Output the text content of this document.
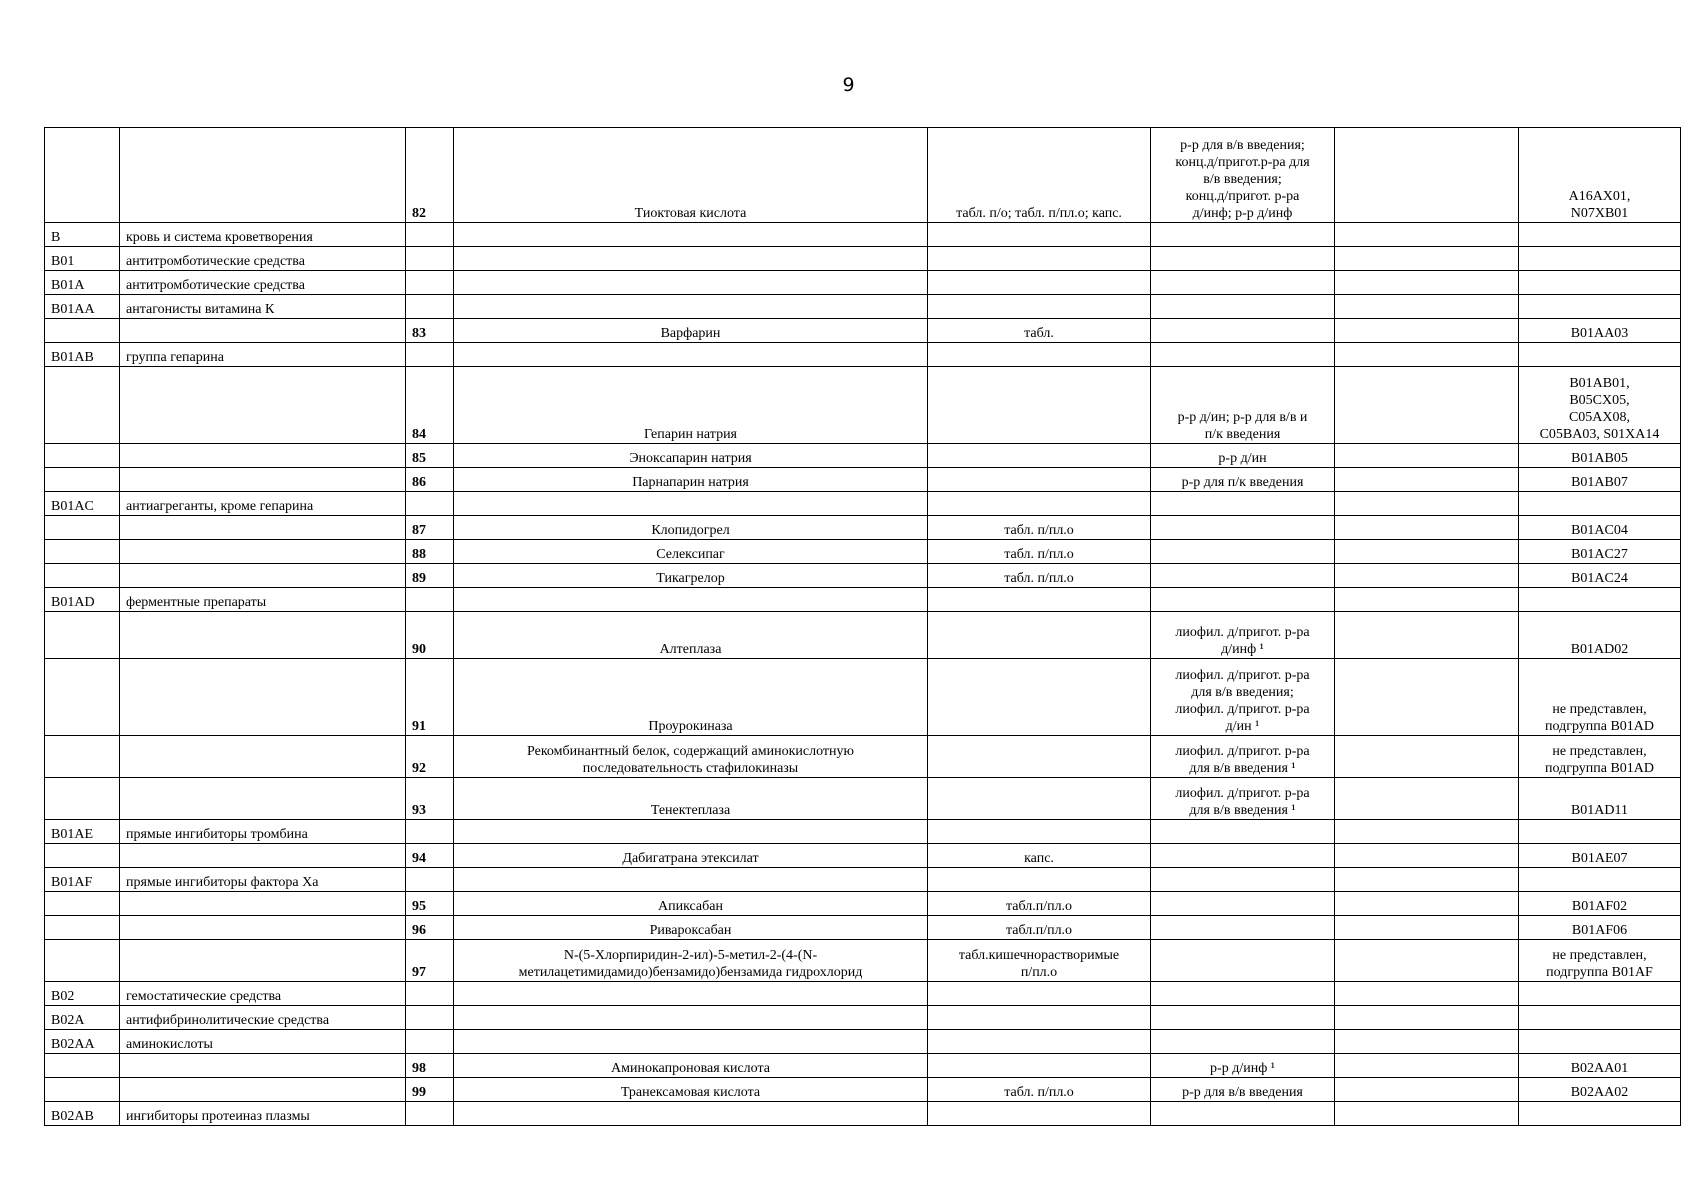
9
		82	Тиоктовая кислота	табл. п/о; табл. п/пл.о; капс.	р-р для в/в введения;
конц.д/пригот.р-ра для
в/в введения;
конц.д/пригот. р-ра
д/инф; р-р д/инф		A16AX01,
N07XB01

B	кровь и система кроветворения						
B01	антитромботические средства						
B01A	антитромботические средства						
B01AA	антагонисты витамина К						
		83	Варфарин	табл.			B01AA03

B01AB	группа гепарина						
		84	Гепарин натрия		р-р д/ин; р-р для в/в и
п/к введения		B01AB01,
B05CX05,
C05AX08,
C05BA03, S01XA14

		85	Эноксапарин натрия		р-р д/ин		B01AB05

		86	Парнапарин натрия		р-р для п/к введения		B01AB07

B01AC	антиагреганты, кроме гепарина						
		87	Клопидогрел	табл. п/пл.о			B01AC04

		88	Селексипаг	табл. п/пл.о			B01AC27

		89	Тикагрелор	табл. п/пл.о			B01AC24

B01AD	ферментные препараты						
		90	Алтеплаза		лиофил. д/пригот. р-ра
д/инф ¹		B01AD02

		91	Проурокиназа		лиофил. д/пригот. р-ра
для в/в введения;
лиофил. д/пригот. р-ра
д/ин ¹		не представлен,
подгруппа B01AD

		92	Рекомбинантный белок, содержащий аминокислотную
последовательность стафилокиназы		лиофил. д/пригот. р-ра
для в/в введения ¹		не представлен,
подгруппа B01AD

		93	Тенектеплаза		лиофил. д/пригот. р-ра
для в/в введения ¹		B01AD11

B01AE	прямые ингибиторы тромбина						
		94	Дабигатрана этексилат	капс.			B01AE07

B01AF	прямые ингибиторы фактора Xa						
		95	Апиксабан	табл.п/пл.о			B01AF02

		96	Ривароксабан	табл.п/пл.о			B01AF06

		97	N-(5-Хлорпиридин-2-ил)-5-метил-2-(4-(N-
метилацетимидамидо)бензамидо)бензамида гидрохлорид	табл.кишечнорастворимые
п/пл.о			не представлен,
подгруппа B01AF

B02	гемостатические средства						
B02A	антифибринолитические средства						
B02AA	аминокислоты						
		98	Аминокапроновая кислота		р-р д/инф ¹		B02AA01

		99	Транексамовая кислота	табл. п/пл.о	р-р для в/в введения		B02AA02

B02AB	ингибиторы протеиназ плазмы						
